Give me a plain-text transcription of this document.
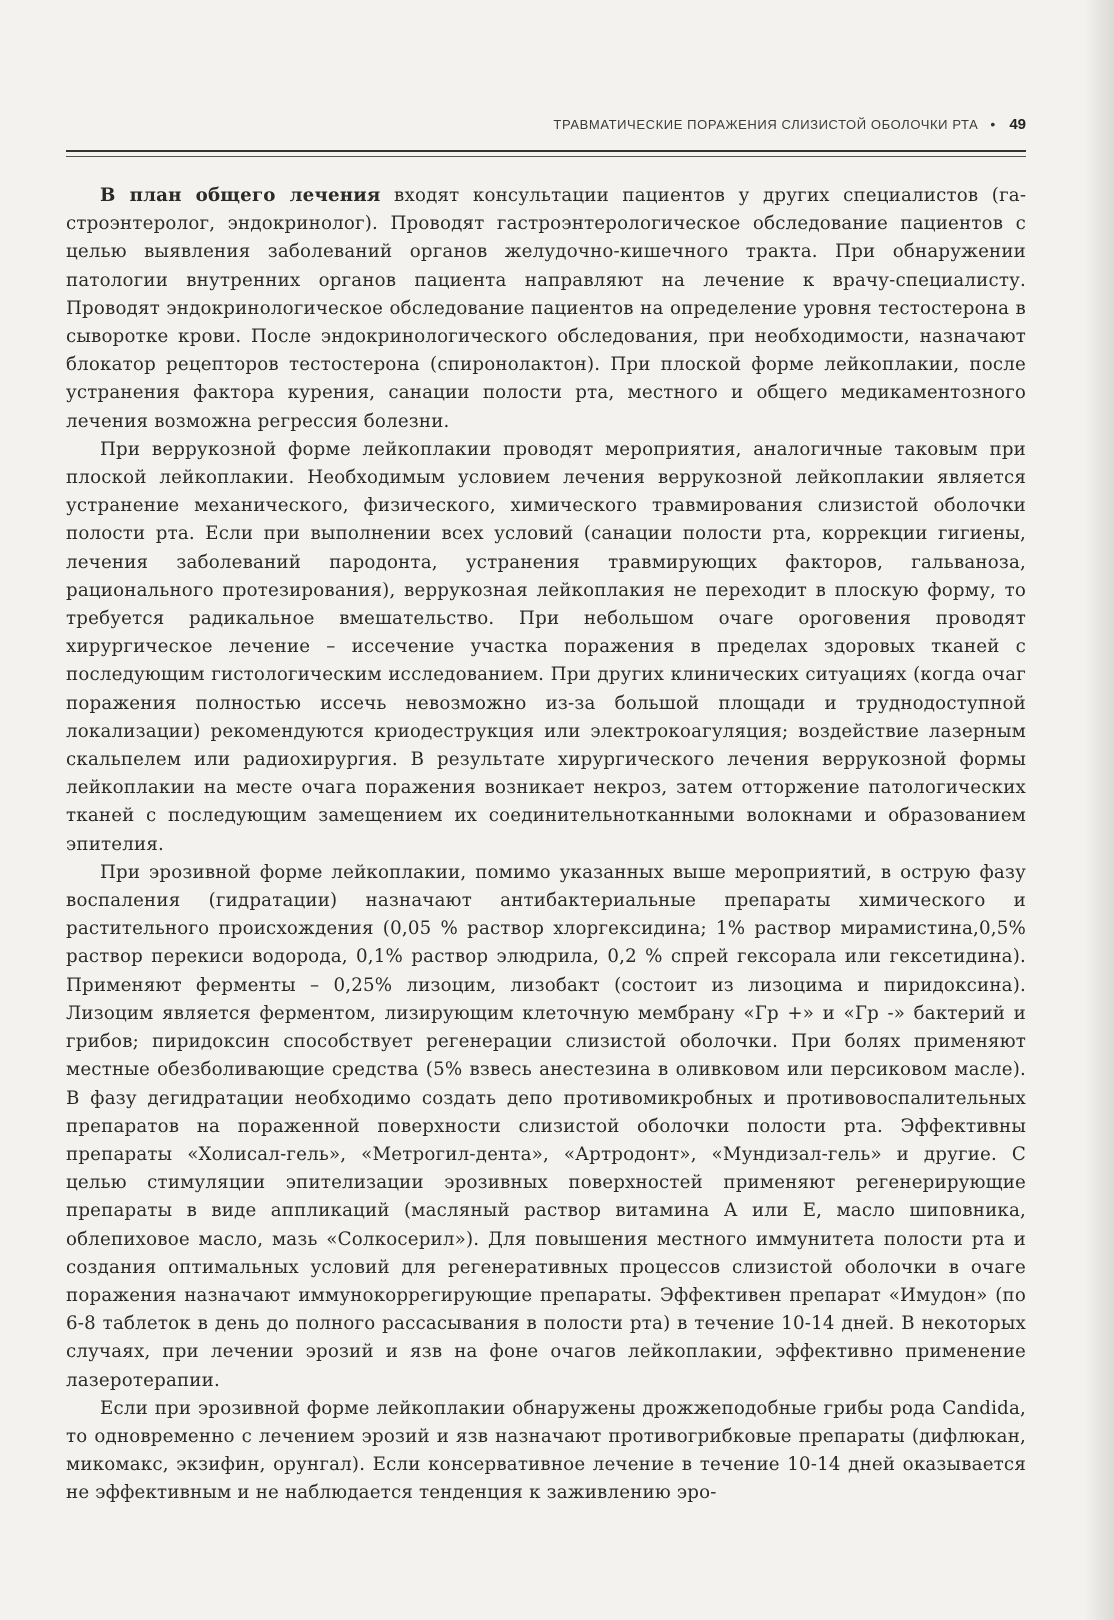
ТРАВМАТИЧЕСКИЕ ПОРАЖЕНИЯ СЛИЗИСТОЙ ОБОЛОЧКИ РТА • 49

В план общего лечения входят консультации пациентов у других специалистов (гастроэнтеролог, эндокринолог). Проводят гастроэнтерологическое обследование пациентов с целью выявления заболеваний органов желудочно-кишечного тракта. При обнаружении патологии внутренних органов пациента направляют на лечение к врачу-специалисту. Проводят эндокринологическое обследование пациентов на определение уровня тестостерона в сыворотке крови. После эндокринологического обследования, при необходимости, назначают блокатор рецепторов тестостерона (спиронолактон). При плоской форме лейкоплакии, после устранения фактора курения, санации полости рта, местного и общего медикаментозного лечения возможна регрессия болезни.

При веррукозной форме лейкоплакии проводят мероприятия, аналогичные таковым при плоской лейкоплакии. Необходимым условием лечения веррукозной лейкоплакии является устранение механического, физического, химического травмирования слизистой оболочки полости рта. Если при выполнении всех условий (санации полости рта, коррекции гигиены, лечения заболеваний пародонта, устранения травмирующих факторов, гальваноза, рационального протезирования), веррукозная лейкоплакия не переходит в плоскую форму, то требуется радикальное вмешательство. При небольшом очаге ороговения проводят хирургическое лечение – иссечение участка поражения в пределах здоровых тканей с последующим гистологическим исследованием. При других клинических ситуациях (когда очаг поражения полностью иссечь невозможно из-за большой площади и труднодоступной локализации) рекомендуются криодеструкция или электрокоагуляция; воздействие лазерным скальпелем или радиохирургия. В результате хирургического лечения веррукозной формы лейкоплакии на месте очага поражения возникает некроз, затем отторжение патологических тканей с последующим замещением их соединительнотканными волокнами и образованием эпителия.

При эрозивной форме лейкоплакии, помимо указанных выше мероприятий, в острую фазу воспаления (гидратации) назначают антибактериальные препараты химического и растительного происхождения (0,05 % раствор хлоргексидина; 1% раствор мирамистина,0,5% раствор перекиси водорода, 0,1% раствор элюдрила, 0,2 % спрей гексорала или гексетидина). Применяют ферменты – 0,25% лизоцим, лизобакт (состоит из лизоцима и пиридоксина). Лизоцим является ферментом, лизирующим клеточную мембрану «Гр +» и «Гр -» бактерий и грибов; пиридоксин способствует регенерации слизистой оболочки. При болях применяют местные обезболивающие средства (5% взвесь анестезина в оливковом или персиковом масле). В фазу дегидратации необходимо создать депо противомикробных и противовоспалительных препаратов на пораженной поверхности слизистой оболочки полости рта. Эффективны препараты «Холисал-гель», «Метрогил-дента», «Артродонт», «Мундизал-гель» и другие. С целью стимуляции эпителизации эрозивных поверхностей применяют регенерирующие препараты в виде аппликаций (масляный раствор витамина А или Е, масло шиповника, облепиховое масло, мазь «Солкосерил»). Для повышения местного иммунитета полости рта и создания оптимальных условий для регенеративных процессов слизистой оболочки в очаге поражения назначают иммунокоррегирующие препараты. Эффективен препарат «Имудон» (по 6-8 таблеток в день до полного рассасывания в полости рта) в течение 10-14 дней. В некоторых случаях, при лечении эрозий и язв на фоне очагов лейкоплакии, эффективно применение лазеротерапии.

Если при эрозивной форме лейкоплакии обнаружены дрожжеподобные грибы рода Candida, то одновременно с лечением эрозий и язв назначают противогрибковые препараты (дифлюкан, микомакс, экзифин, орунгал). Если консервативное лечение в течение 10-14 дней оказывается не эффективным и не наблюдается тенденция к заживлению эро-
